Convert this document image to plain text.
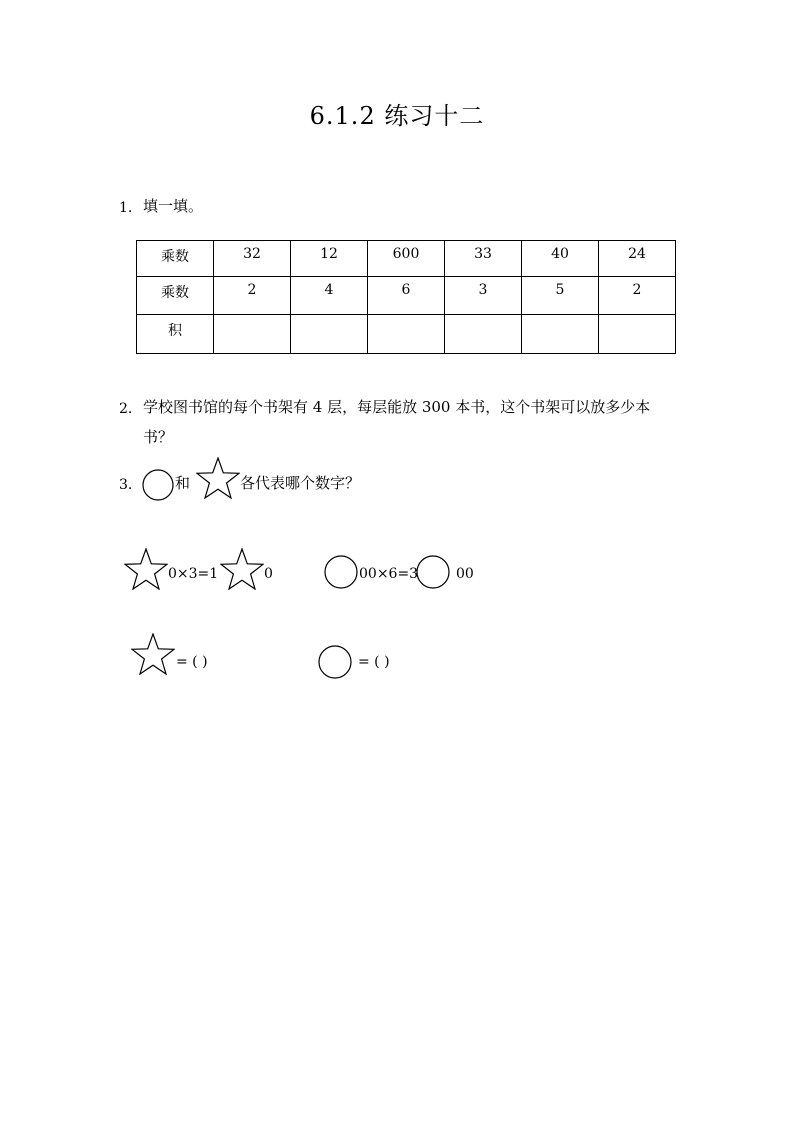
6.1.2 练习十二
1. 填一填。
乘数	32	12	600	33	40	24
乘数	2	4	6	3	5	2
积						
2. 学校图书馆的每个书架有 4 层，每层能放 300 本书，这个书架可以放多少本
书？
3.	和	各代表哪个数字？
0×3=1	0	00×6=3	00
= ( )	= ( )
